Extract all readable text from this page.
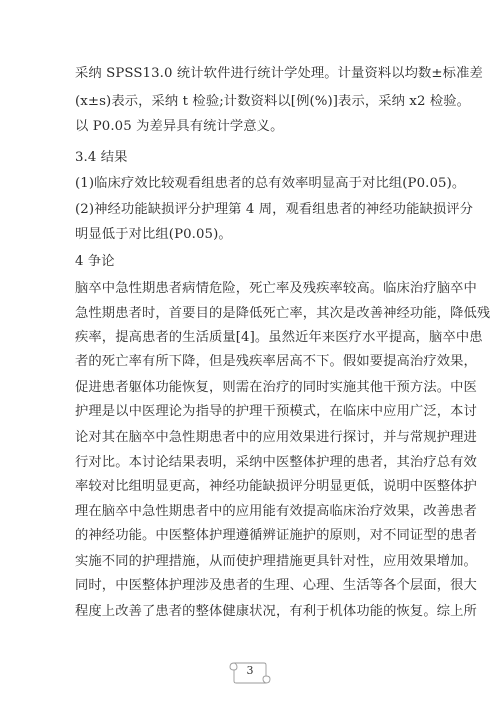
采纳 SPSS13.0 统计软件进行统计学处理。计量资料以均数±标准差
(x±s)表示，采纳 t 检验;计数资料以[例(%)]表示，采纳 x2 检验。
以 P0.05 为差异具有统计学意义。
3.4 结果
(1)临床疗效比较观看组患者的总有效率明显高于对比组(P0.05)。
(2)神经功能缺损评分护理第 4 周，观看组患者的神经功能缺损评分
明显低于对比组(P0.05)。
4 争论
脑卒中急性期患者病情危险，死亡率及残疾率较高。临床治疗脑卒中
急性期患者时，首要目的是降低死亡率，其次是改善神经功能，降低残
疾率，提高患者的生活质量[4]。虽然近年来医疗水平提高，脑卒中患
者的死亡率有所下降，但是残疾率居高不下。假如要提高治疗效果，
促进患者躯体功能恢复，则需在治疗的同时实施其他干预方法。中医
护理是以中医理论为指导的护理干预模式，在临床中应用广泛，本讨
论对其在脑卒中急性期患者中的应用效果进行探讨，并与常规护理进
行对比。本讨论结果表明，采纳中医整体护理的患者，其治疗总有效
率较对比组明显更高，神经功能缺损评分明显更低，说明中医整体护
理在脑卒中急性期患者中的应用能有效提高临床治疗效果，改善患者
的神经功能。中医整体护理遵循辨证施护的原则，对不同证型的患者
实施不同的护理措施，从而使护理措施更具针对性，应用效果增加。
同时，中医整体护理涉及患者的生理、心理、生活等各个层面，很大
程度上改善了患者的整体健康状况，有利于机体功能的恢复。综上所
3
